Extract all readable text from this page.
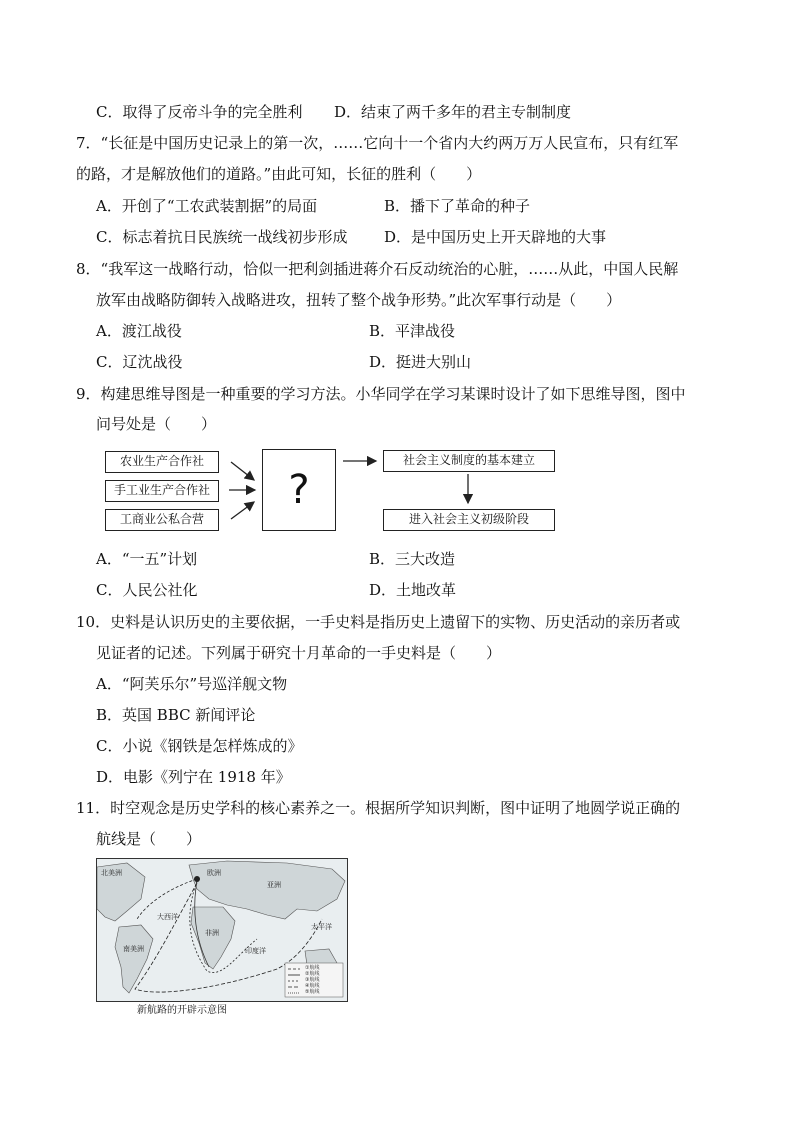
C．取得了反帝斗争的完全胜利 D．结束了两千多年的君主专制制度
7．“长征是中国历史记录上的第一次，……它向十一个省内大约两万万人民宣布，只有红军
的路，才是解放他们的道路。”由此可知，长征的胜利（　　）
A．开创了“工农武装割据”的局面	B．播下了革命的种子
C．标志着抗日民族统一战线初步形成 D．是中国历史上开天辟地的大事
8．“我军这一战略行动，恰似一把利剑插进蒋介石反动统治的心脏，……从此，中国人民解
放军由战略防御转入战略进攻，扭转了整个战争形势。”此次军事行动是（　　）
A．渡江战役	B．平津战役
C．辽沈战役	D．挺进大别山
9．构建思维导图是一种重要的学习方法。小华同学在学习某课时设计了如下思维导图，图中
问号处是（　　）
农业生产合作社
手工业生产合作社
工商业公私合营
?
社会主义制度的基本建立
进入社会主义初级阶段
A．“一五”计划	B．三大改造
C．人民公社化	D．土地改革
10．史料是认识历史的主要依据，一手史料是指历史上遗留下的实物、历史活动的亲历者或
见证者的记述。下列属于研究十月革命的一手史料是（　　）
A．“阿芙乐尔”号巡洋舰文物
B．英国 BBC 新闻评论
C．小说《钢铁是怎样炼成的》
D．电影《列宁在 1918 年》
11．时空观念是历史学科的核心素养之一。根据所学知识判断，图中证明了地圆学说正确的
航线是（　　）
北美洲	欧洲
亚洲
南美洲
非洲
大西洋
印度洋
太平洋
①航线
②航线
③航线
④航线
⑤航线
新航路的开辟示意图
